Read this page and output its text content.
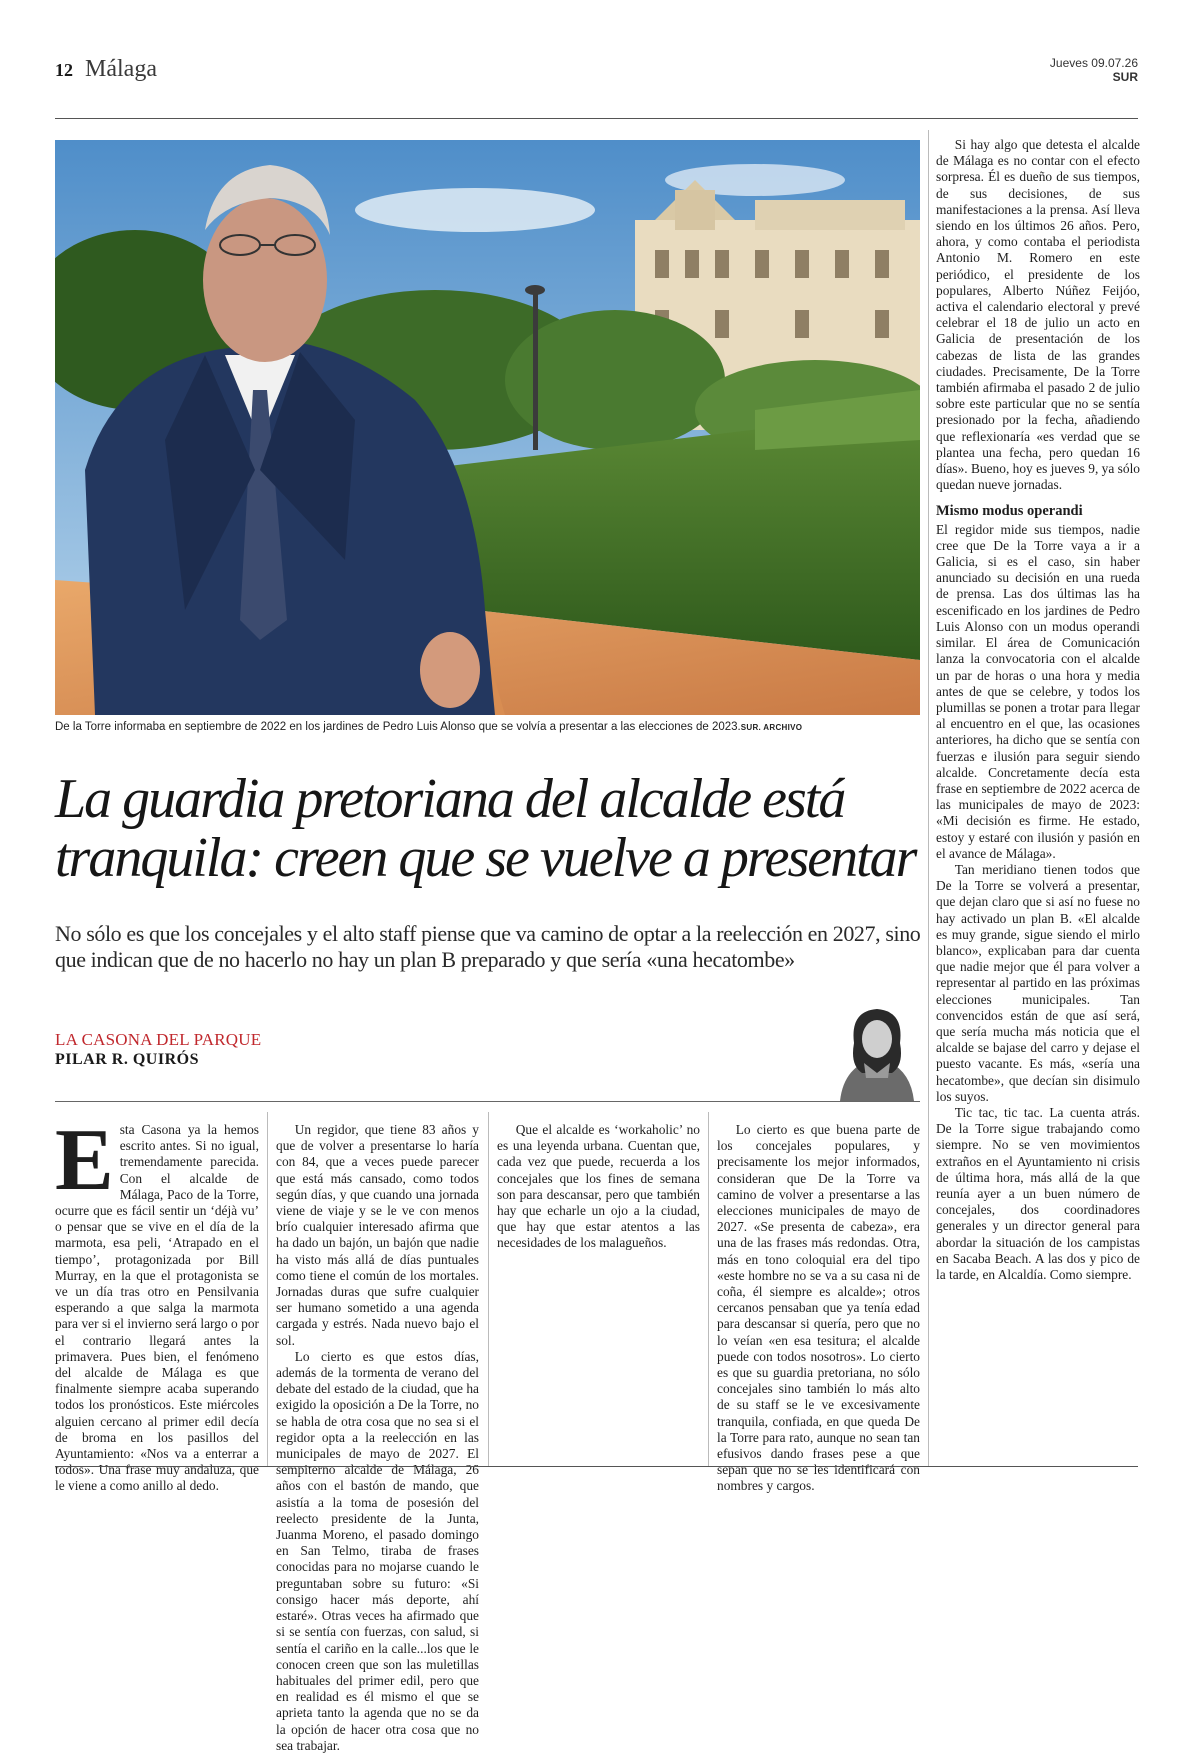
12 Málaga	Jueves 09.07.26
SUR
De la Torre informaba en septiembre de 2022 en los jardines de Pedro Luis Alonso que se volvía a presentar a las elecciones de 2023.SUR. ARCHIVO
La guardia pretoriana del alcalde está tranquila: creen que se vuelve a presentar

No sólo es que los concejales y el alto staff piense que va camino de optar a la reelección en 2027, sino que indican que de no hacerlo no hay un plan B preparado y que sería «una hecatombe»

LA CASONA DEL PARQUE
PILAR R. QUIRÓS

Esta Casona ya la hemos escrito antes. Si no igual, tremendamente parecida. Con el alcalde de Málaga, Paco de la Torre, ocurre que es fácil sentir un ‘déjà vu’ o pensar que se vive en el día de la marmota, esa peli, ‘Atrapado en el tiempo’, protagonizada por Bill Murray, en la que el protagonista se ve un día tras otro en Pensilvania esperando a que salga la marmota para ver si el invierno será largo o por el contrario llegará antes la primavera. Pues bien, el fenómeno del alcalde de Málaga es que finalmente siempre acaba superando todos los pronósticos. Este miércoles alguien cercano al primer edil decía de broma en los pasillos del Ayuntamiento: «Nos va a enterrar a todos». Una frase muy andaluza, que le viene a como anillo al dedo.

Un regidor, que tiene 83 años y que de volver a presentarse lo haría con 84, que a veces puede parecer que está más cansado, como todos según días, y que cuando una jornada viene de viaje y se le ve con menos brío cualquier interesado afirma que ha dado un bajón, un bajón que nadie ha visto más allá de días puntuales como tiene el común de los mortales. Jornadas duras que sufre cualquier ser humano sometido a una agenda cargada y estrés. Nada nuevo bajo el sol.

Lo cierto es que estos días, además de la tormenta de verano del debate del estado de la ciudad, que ha exigido la oposición a De la Torre, no se habla de otra cosa que no sea si el regidor opta a la reelección en las municipales de mayo de 2027. El sempiterno alcalde de Málaga, 26 años con el bastón de mando, que asistía a la toma de posesión del reelecto presidente de la Junta, Juanma Moreno, el pasado domingo en San Telmo, tiraba de frases conocidas para no mojarse cuando le preguntaban sobre su futuro: «Si consigo hacer más deporte, ahí estaré». Otras veces ha afirmado que si se sentía con fuerzas, con salud, si sentía el cariño en la calle...los que le conocen creen que son las muletillas habituales del primer edil, pero que en realidad es él mismo el que se aprieta tanto la agenda que no se da la opción de hacer otra cosa que no sea trabajar.

Que el alcalde es ‘workaholic’ no es una leyenda urbana. Cuentan que, cada vez que puede, recuerda a los concejales que los fines de semana son para descansar, pero que también hay que echarle un ojo a la ciudad, que hay que estar atentos a las necesidades de los malagueños.

Lo cierto es que buena parte de los concejales populares, y precisamente los mejor informados, consideran que De la Torre va camino de volver a presentarse a las elecciones municipales de mayo de 2027. «Se presenta de cabeza», era una de las frases más redondas. Otra, más en tono coloquial era del tipo «este hombre no se va a su casa ni de coña, él siempre es alcalde»; otros cercanos pensaban que ya tenía edad para descansar si quería, pero que no lo veían «en esa tesitura; el alcalde puede con todos nosotros». Lo cierto es que su guardia pretoriana, no sólo concejales sino también lo más alto de su staff se le ve excesivamente tranquila, confiada, en que queda De la Torre para rato, aunque no sean tan efusivos dando frases pese a que sepan que no se les identificará con nombres y cargos.

Si hay algo que detesta el alcalde de Málaga es no contar con el efecto sorpresa. Él es dueño de sus tiempos, de sus decisiones, de sus manifestaciones a la prensa. Así lleva siendo en los últimos 26 años. Pero, ahora, y como contaba el periodista Antonio M. Romero en este periódico, el presidente de los populares, Alberto Núñez Feijóo, activa el calendario electoral y prevé celebrar el 18 de julio un acto en Galicia de presentación de los cabezas de lista de las grandes ciudades. Precisamente, De la Torre también afirmaba el pasado 2 de julio sobre este particular que no se sentía presionado por la fecha, añadiendo que reflexionaría «es verdad que se plantea una fecha, pero quedan 16 días». Bueno, hoy es jueves 9, ya sólo quedan nueve jornadas.

Mismo modus operandi

El regidor mide sus tiempos, nadie cree que De la Torre vaya a ir a Galicia, si es el caso, sin haber anunciado su decisión en una rueda de prensa. Las dos últimas las ha escenificado en los jardines de Pedro Luis Alonso con un modus operandi similar. El área de Comunicación lanza la convocatoria con el alcalde un par de horas o una hora y media antes de que se celebre, y todos los plumillas se ponen a trotar para llegar al encuentro en el que, las ocasiones anteriores, ha dicho que se sentía con fuerzas e ilusión para seguir siendo alcalde. Concretamente decía esta frase en septiembre de 2022 acerca de las municipales de mayo de 2023: «Mi decisión es firme. He estado, estoy y estaré con ilusión y pasión en el avance de Málaga».

Tan meridiano tienen todos que De la Torre se volverá a presentar, que dejan claro que si así no fuese no hay activado un plan B. «El alcalde es muy grande, sigue siendo el mirlo blanco», explicaban para dar cuenta que nadie mejor que él para volver a representar al partido en las próximas elecciones municipales. Tan convencidos están de que así será, que sería mucha más noticia que el alcalde se bajase del carro y dejase el puesto vacante. Es más, «sería una hecatombe», que decían sin disimulo los suyos.

Tic tac, tic tac. La cuenta atrás. De la Torre sigue trabajando como siempre. No se ven movimientos extraños en el Ayuntamiento ni crisis de última hora, más allá de la que reunía ayer a un buen número de concejales, dos coordinadores generales y un director general para abordar la situación de los campistas en Sacaba Beach. A las dos y pico de la tarde, en Alcaldía. Como siempre.
